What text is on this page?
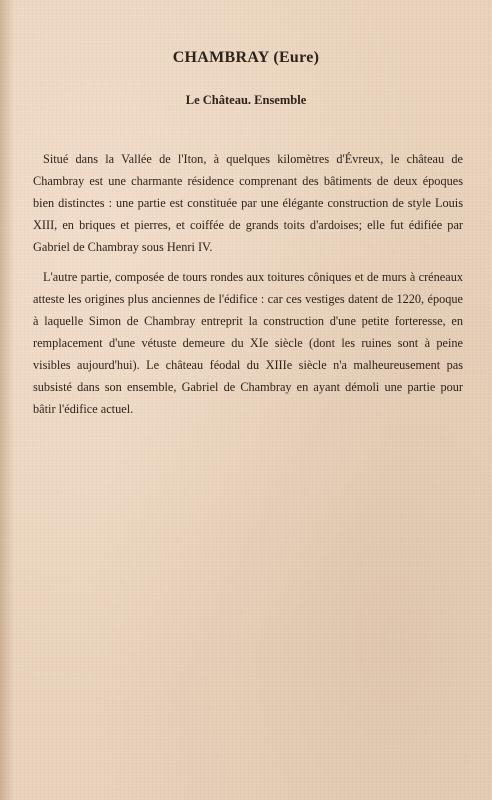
CHAMBRAY (Eure)
Le Château. Ensemble

Situé dans la Vallée de l'Iton, à quelques kilomètres d'Évreux, le château de Chambray est une charmante résidence comprenant des bâtiments de deux époques bien distinctes : une partie est constituée par une élégante construction de style Louis XIII, en briques et pierres, et coiffée de grands toits d'ardoises; elle fut édifiée par Gabriel de Chambray sous Henri IV.

L'autre partie, composée de tours rondes aux toitures côniques et de murs à créneaux atteste les origines plus anciennes de l'édifice : car ces vestiges datent de 1220, époque à laquelle Simon de Chambray entreprit la construction d'une petite forteresse, en remplacement d'une vétuste demeure du XIe siècle (dont les ruines sont à peine visibles aujourd'hui). Le château féodal du XIIIe siècle n'a malheureusement pas subsisté dans son ensemble, Gabriel de Chambray en ayant démoli une partie pour bâtir l'édifice actuel.
